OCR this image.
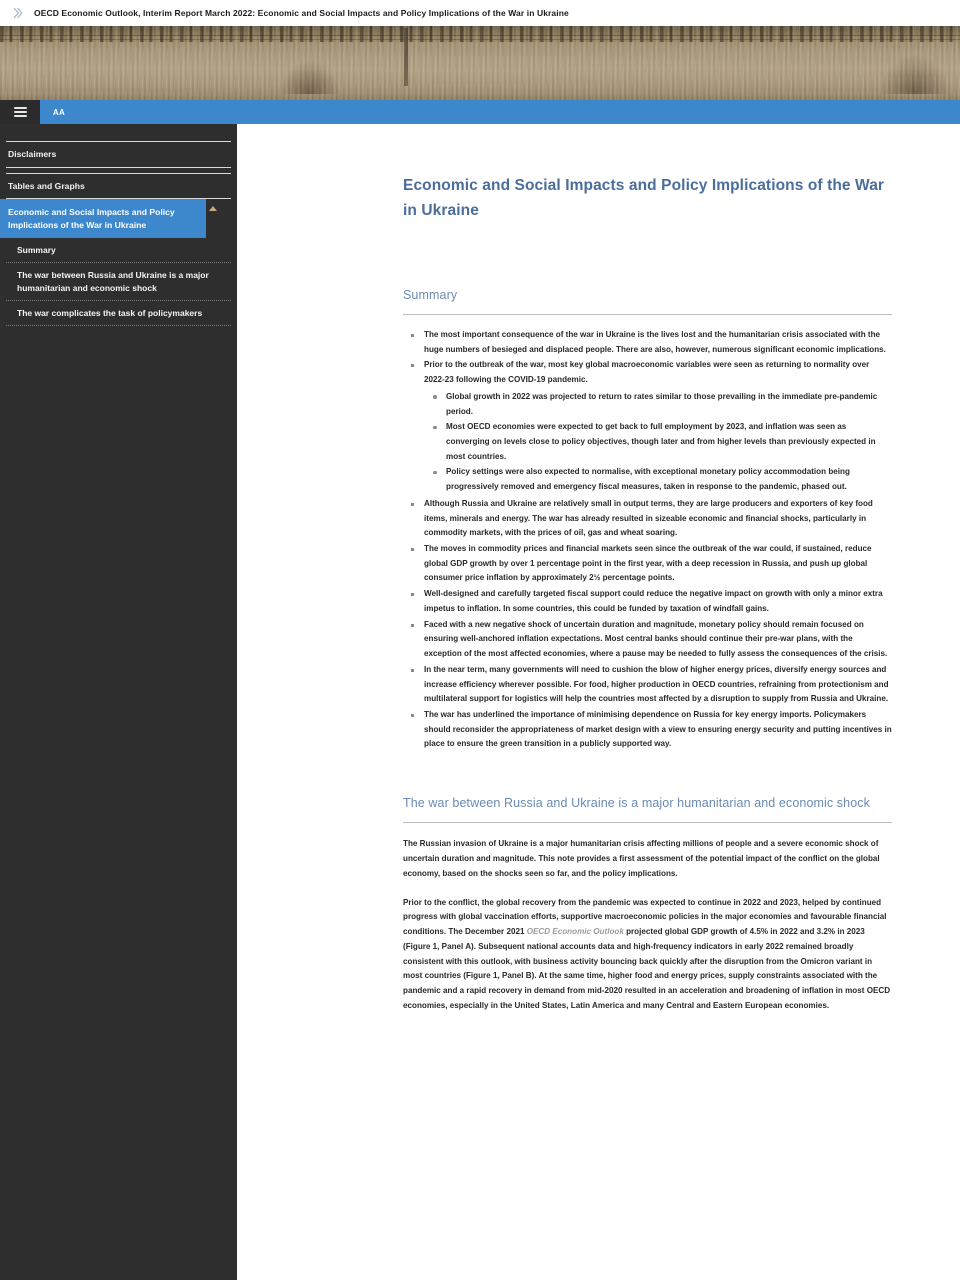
OECD Economic Outlook, Interim Report March 2022: Economic and Social Impacts and Policy Implications of the War in Ukraine
AA
Disclaimers
Tables and Graphs
Economic and Social Impacts and Policy Implications of the War in Ukraine
Summary
The war between Russia and Ukraine is a major humanitarian and economic shock
The war complicates the task of policymakers
Economic and Social Impacts and Policy Implications of the War in Ukraine
Summary
The most important consequence of the war in Ukraine is the lives lost and the humanitarian crisis associated with the huge numbers of besieged and displaced people. There are also, however, numerous significant economic implications.
Prior to the outbreak of the war, most key global macroeconomic variables were seen as returning to normality over 2022-23 following the COVID-19 pandemic.
Global growth in 2022 was projected to return to rates similar to those prevailing in the immediate pre-pandemic period.
Most OECD economies were expected to get back to full employment by 2023, and inflation was seen as converging on levels close to policy objectives, though later and from higher levels than previously expected in most countries.
Policy settings were also expected to normalise, with exceptional monetary policy accommodation being progressively removed and emergency fiscal measures, taken in response to the pandemic, phased out.
Although Russia and Ukraine are relatively small in output terms, they are large producers and exporters of key food items, minerals and energy. The war has already resulted in sizeable economic and financial shocks, particularly in commodity markets, with the prices of oil, gas and wheat soaring.
The moves in commodity prices and financial markets seen since the outbreak of the war could, if sustained, reduce global GDP growth by over 1 percentage point in the first year, with a deep recession in Russia, and push up global consumer price inflation by approximately 2½ percentage points.
Well-designed and carefully targeted fiscal support could reduce the negative impact on growth with only a minor extra impetus to inflation. In some countries, this could be funded by taxation of windfall gains.
Faced with a new negative shock of uncertain duration and magnitude, monetary policy should remain focused on ensuring well-anchored inflation expectations. Most central banks should continue their pre-war plans, with the exception of the most affected economies, where a pause may be needed to fully assess the consequences of the crisis.
In the near term, many governments will need to cushion the blow of higher energy prices, diversify energy sources and increase efficiency wherever possible. For food, higher production in OECD countries, refraining from protectionism and multilateral support for logistics will help the countries most affected by a disruption to supply from Russia and Ukraine.
The war has underlined the importance of minimising dependence on Russia for key energy imports. Policymakers should reconsider the appropriateness of market design with a view to ensuring energy security and putting incentives in place to ensure the green transition in a publicly supported way.
The war between Russia and Ukraine is a major humanitarian and economic shock

The Russian invasion of Ukraine is a major humanitarian crisis affecting millions of people and a severe economic shock of uncertain duration and magnitude. This note provides a first assessment of the potential impact of the conflict on the global economy, based on the shocks seen so far, and the policy implications.

Prior to the conflict, the global recovery from the pandemic was expected to continue in 2022 and 2023, helped by continued progress with global vaccination efforts, supportive macroeconomic policies in the major economies and favourable financial conditions. The December 2021 OECD Economic Outlook projected global GDP growth of 4.5% in 2022 and 3.2% in 2023 (Figure 1, Panel A). Subsequent national accounts data and high-frequency indicators in early 2022 remained broadly consistent with this outlook, with business activity bouncing back quickly after the disruption from the Omicron variant in most countries (Figure 1, Panel B). At the same time, higher food and energy prices, supply constraints associated with the pandemic and a rapid recovery in demand from mid-2020 resulted in an acceleration and broadening of inflation in most OECD economies, especially in the United States, Latin America and many Central and Eastern European economies.
